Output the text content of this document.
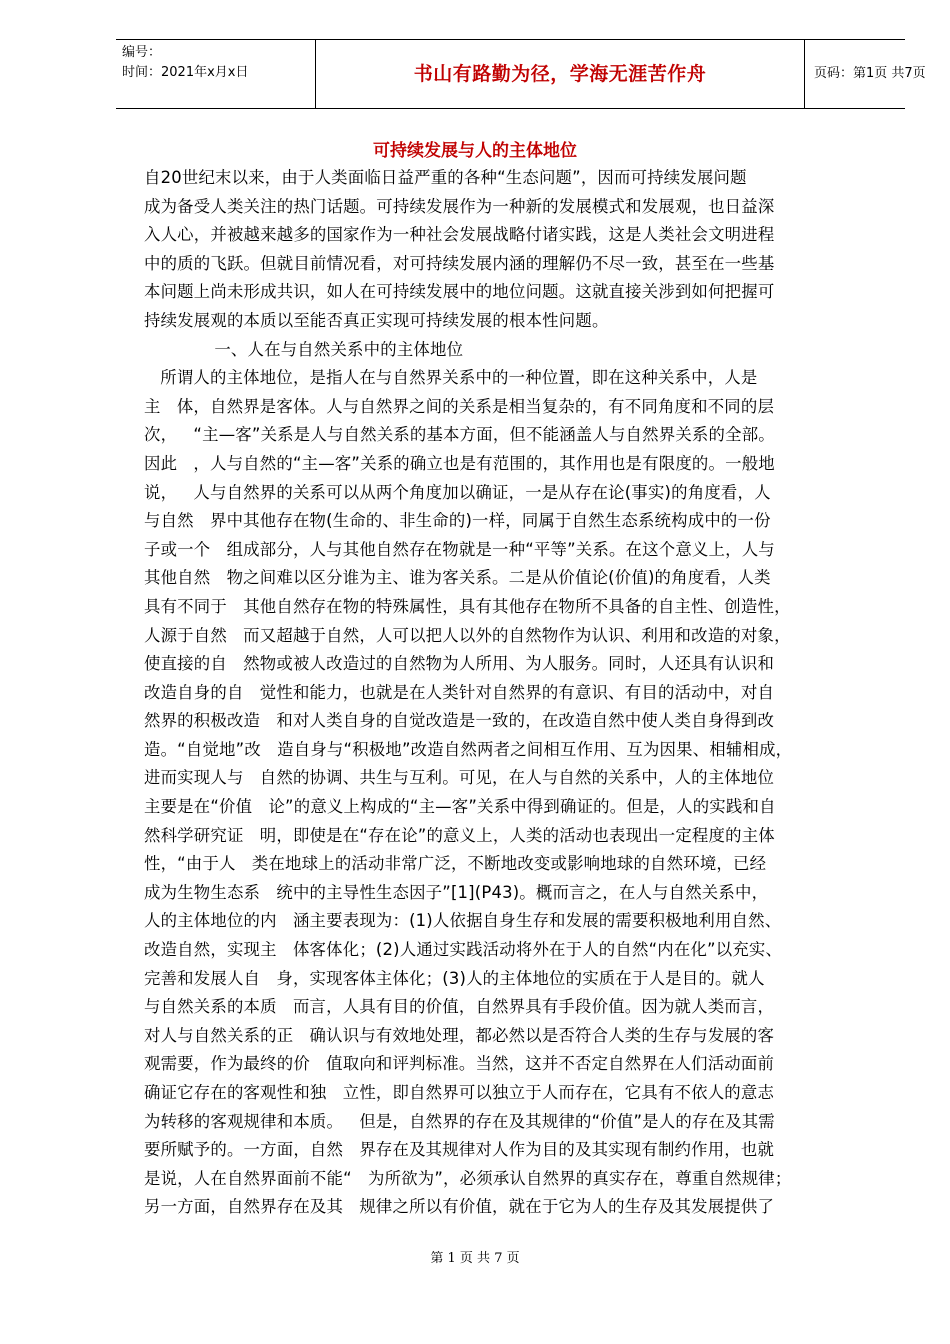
编号：
时间：2021年x月x日	书山有路勤为径，学海无涯苦作舟	页码：第1页 共7页
可持续发展与人的主体地位
自20世纪末以来，由于人类面临日益严重的各种“生态问题”，因而可持续发展问题
成为备受人类关注的热门话题。可持续发展作为一种新的发展模式和发展观，也日益深
入人心，并被越来越多的国家作为一种社会发展战略付诸实践，这是人类社会文明进程
中的质的飞跃。但就目前情况看，对可持续发展内涵的理解仍不尽一致，甚至在一些基
本问题上尚未形成共识，如人在可持续发展中的地位问题。这就直接关涉到如何把握可
持续发展观的本质以至能否真正实现可持续发展的根本性问题。
一、人在与自然关系中的主体地位
所谓人的主体地位，是指人在与自然界关系中的一种位置，即在这种关系中，人是
主   体，自然界是客体。人与自然界之间的关系是相当复杂的，有不同角度和不同的层
次，   “主—客”关系是人与自然关系的基本方面，但不能涵盖人与自然界关系的全部。
因此   ，人与自然的“主—客”关系的确立也是有范围的，其作用也是有限度的。一般地
说，   人与自然界的关系可以从两个角度加以确证，一是从存在论(事实)的角度看，人
与自然   界中其他存在物(生命的、非生命的)一样，同属于自然生态系统构成中的一份
子或一个   组成部分，人与其他自然存在物就是一种“平等”关系。在这个意义上，人与
其他自然   物之间难以区分谁为主、谁为客关系。二是从价值论(价值)的角度看，人类
具有不同于   其他自然存在物的特殊属性，具有其他存在物所不具备的自主性、创造性，
人源于自然   而又超越于自然，人可以把人以外的自然物作为认识、利用和改造的对象，
使直接的自   然物或被人改造过的自然物为人所用、为人服务。同时，人还具有认识和
改造自身的自   觉性和能力，也就是在人类针对自然界的有意识、有目的活动中，对自
然界的积极改造   和对人类自身的自觉改造是一致的，在改造自然中使人类自身得到改
造。“自觉地”改   造自身与“积极地”改造自然两者之间相互作用、互为因果、相辅相成，
进而实现人与   自然的协调、共生与互利。可见，在人与自然的关系中，人的主体地位
主要是在“价值   论”的意义上构成的“主—客”关系中得到确证的。但是，人的实践和自
然科学研究证   明，即使是在“存在论”的意义上，人类的活动也表现出一定程度的主体
性，“由于人   类在地球上的活动非常广泛，不断地改变或影响地球的自然环境，已经
成为生物生态系   统中的主导性生态因子”[1](P43)。概而言之，在人与自然关系中，
人的主体地位的内   涵主要表现为：(1)人依据自身生存和发展的需要积极地利用自然、
改造自然，实现主   体客体化；(2)人通过实践活动将外在于人的自然“内在化”以充实、
完善和发展人自   身，实现客体主体化；(3)人的主体地位的实质在于人是目的。就人
与自然关系的本质   而言，人具有目的价值，自然界具有手段价值。因为就人类而言，
对人与自然关系的正   确认识与有效地处理，都必然以是否符合人类的生存与发展的客
观需要，作为最终的价   值取向和评判标准。当然，这并不否定自然界在人们活动面前
确证它存在的客观性和独   立性，即自然界可以独立于人而存在，它具有不依人的意志
为转移的客观规律和本质。   但是，自然界的存在及其规律的“价值”是人的存在及其需
要所赋予的。一方面，自然   界存在及其规律对人作为目的及其实现有制约作用，也就
是说，人在自然界面前不能“   为所欲为”，必须承认自然界的真实存在，尊重自然规律；
另一方面，自然界存在及其   规律之所以有价值，就在于它为人的生存及其发展提供了
第 1 页 共 7 页
